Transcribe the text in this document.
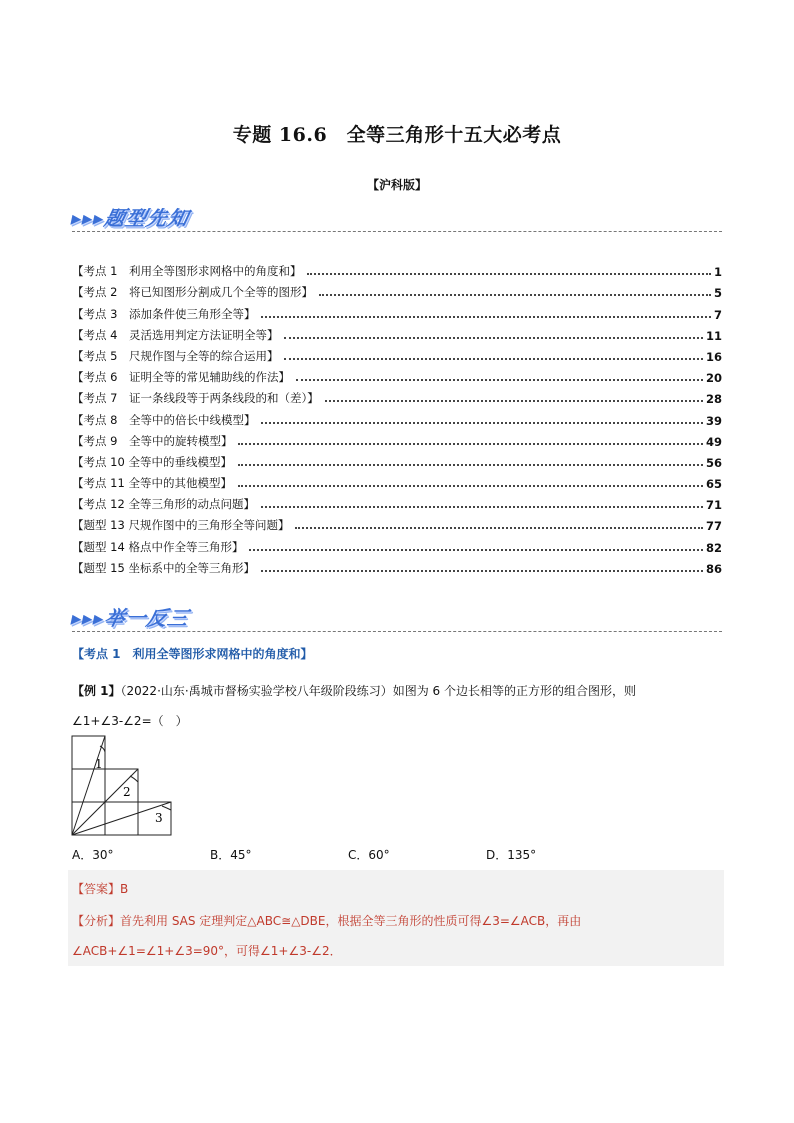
专题 16.6　全等三角形十五大必考点
【沪科版】
▸▸▸题型先知
【考点 1　利用全等图形求网格中的角度和】	1
【考点 2　将已知图形分割成几个全等的图形】	5
【考点 3　添加条件使三角形全等】	7
【考点 4　灵活选用判定方法证明全等】	11
【考点 5　尺规作图与全等的综合运用】	16
【考点 6　证明全等的常见辅助线的作法】	20
【考点 7　证一条线段等于两条线段的和（差）】	28
【考点 8　全等中的倍长中线模型】	39
【考点 9　全等中的旋转模型】	49
【考点 10 全等中的垂线模型】	56
【考点 11 全等中的其他模型】	65
【考点 12 全等三角形的动点问题】	71
【题型 13 尺规作图中的三角形全等问题】	77
【题型 14 格点中作全等三角形】	82
【题型 15 坐标系中的全等三角形】	86
▸▸▸举一反三
【考点 1　利用全等图形求网格中的角度和】
【例 1】（2022·山东·禹城市督杨实验学校八年级阶段练习）如图为 6 个边长相等的正方形的组合图形，则
∠1+∠3-∠2=（　）
1
2
3
A．30°	B．45°	C．60°	D．135°
【答案】B
【分析】首先利用 SAS 定理判定△ABC≅△DBE，根据全等三角形的性质可得∠3=∠ACB，再由
∠ACB+∠1=∠1+∠3=90°，可得∠1+∠3-∠2．
